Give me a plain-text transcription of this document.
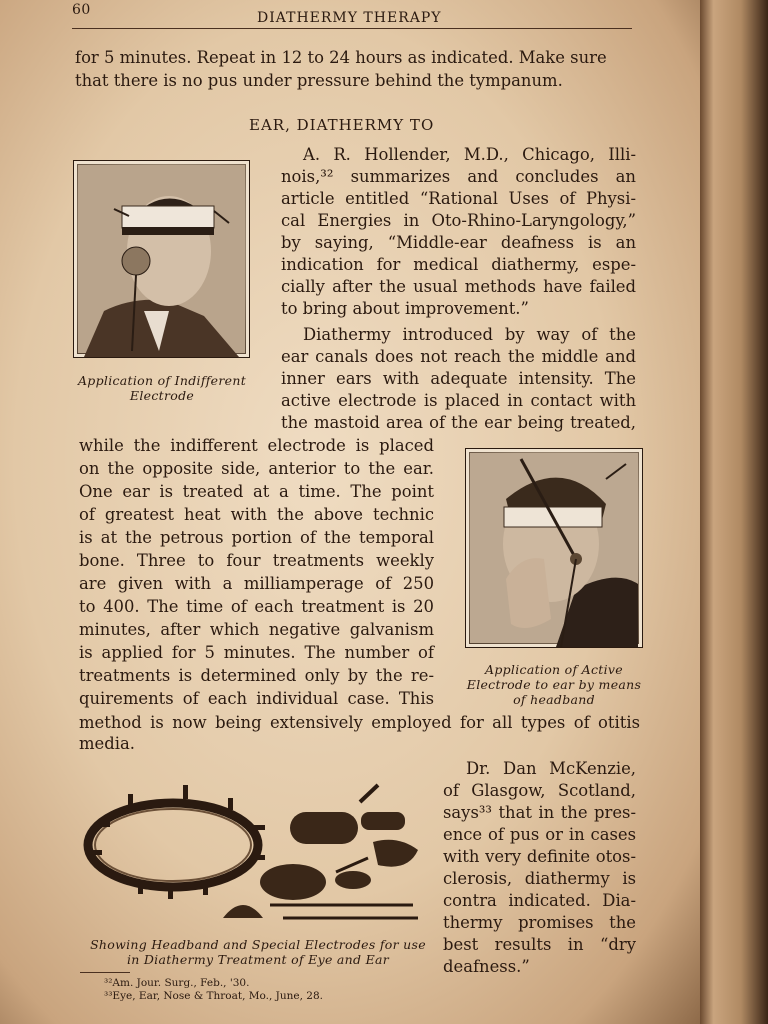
60	DIATHERMY THERAPY

for 5 minutes. Repeat in 12 to 24 hours as indicated. Make sure

that there is no pus under pressure behind the tympanum.

EAR, DIATHERMY TO

Application of Indifferent
Electrode

A. R. Hollender, M.D., Chicago, Illi-

nois,³² summarizes and concludes an

article entitled “Rational Uses of Physi-

cal Energies in Oto-Rhino-Laryngology,”

by saying, “Middle-ear deafness is an

indication for medical diathermy, espe-

cially after the usual methods have failed

to bring about improvement.”

Diathermy introduced by way of the

ear canals does not reach the middle and

inner ears with adequate intensity. The

active electrode is placed in contact with

the mastoid area of the ear being treated,

while the indifferent electrode is placed

on the opposite side, anterior to the ear.

One ear is treated at a time. The point

of greatest heat with the above technic

is at the petrous portion of the temporal

bone. Three to four treatments weekly

are given with a milliamperage of 250

to 400. The time of each treatment is 20

minutes, after which negative galvanism

is applied for 5 minutes. The number of

treatments is determined only by the re-

quirements of each individual case. This

method is now being extensively employed for all types of otitis

media.

Application of Active
Electrode to ear by means
of headband

Showing Headband and Special Electrodes for use
in Diathermy Treatment of Eye and Ear

Dr. Dan McKenzie,

of Glasgow, Scotland,

says³³ that in the pres-

ence of pus or in cases

with very definite otos-

clerosis, diathermy is

contra indicated. Dia-

thermy promises the

best results in “dry

deafness.”

³²Am. Jour. Surg., Feb., '30.

³³Eye, Ear, Nose & Throat, Mo., June, 28.
